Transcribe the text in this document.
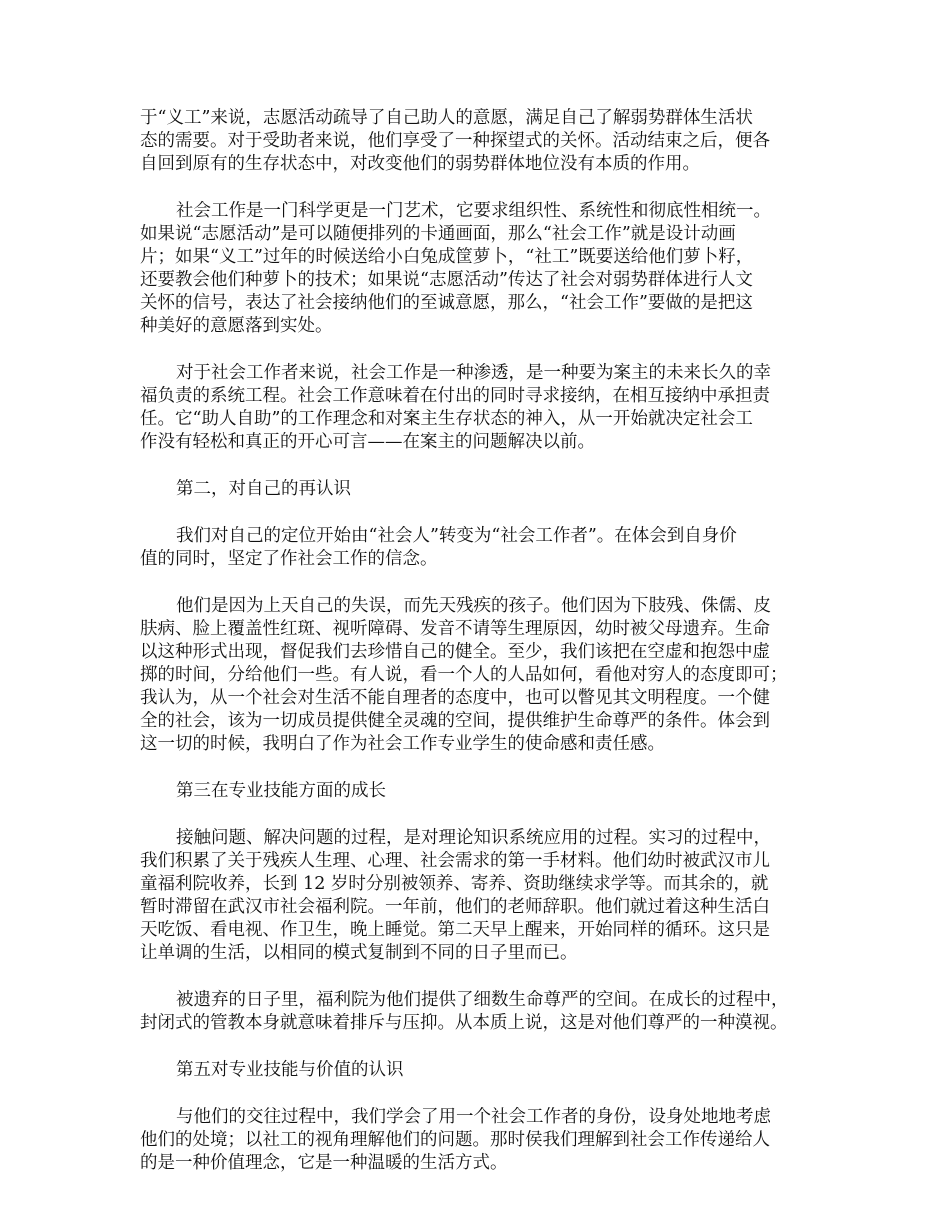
于“义工”来说，志愿活动疏导了自己助人的意愿，满足自己了解弱势群体生活状
态的需要。对于受助者来说，他们享受了一种探望式的关怀。活动结束之后，便各
自回到原有的生存状态中，对改变他们的弱势群体地位没有本质的作用。
社会工作是一门科学更是一门艺术，它要求组织性、系统性和彻底性相统一。
如果说“志愿活动”是可以随便排列的卡通画面，那么“社会工作”就是设计动画
片；如果“义工”过年的时候送给小白兔成筐萝卜，“社工”既要送给他们萝卜籽，
还要教会他们种萝卜的技术；如果说“志愿活动”传达了社会对弱势群体进行人文
关怀的信号，表达了社会接纳他们的至诚意愿，那么，“社会工作”要做的是把这
种美好的意愿落到实处。
对于社会工作者来说，社会工作是一种渗透，是一种要为案主的未来长久的幸
福负责的系统工程。社会工作意味着在付出的同时寻求接纳，在相互接纳中承担责
任。它“助人自助”的工作理念和对案主生存状态的神入，从一开始就决定社会工
作没有轻松和真正的开心可言——在案主的问题解决以前。
第二，对自己的再认识
我们对自己的定位开始由“社会人”转变为“社会工作者”。在体会到自身价
值的同时，坚定了作社会工作的信念。
他们是因为上天自己的失误，而先天残疾的孩子。他们因为下肢残、侏儒、皮
肤病、脸上覆盖性红斑、视听障碍、发音不请等生理原因，幼时被父母遗弃。生命
以这种形式出现，督促我们去珍惜自己的健全。至少，我们该把在空虚和抱怨中虚
掷的时间，分给他们一些。有人说，看一个人的人品如何，看他对穷人的态度即可；
我认为，从一个社会对生活不能自理者的态度中，也可以瞥见其文明程度。一个健
全的社会，该为一切成员提供健全灵魂的空间，提供维护生命尊严的条件。体会到
这一切的时候，我明白了作为社会工作专业学生的使命感和责任感。
第三在专业技能方面的成长
接触问题、解决问题的过程，是对理论知识系统应用的过程。实习的过程中，
我们积累了关于残疾人生理、心理、社会需求的第一手材料。他们幼时被武汉市儿
童福利院收养，长到 12 岁时分别被领养、寄养、资助继续求学等。而其余的，就
暂时滞留在武汉市社会福利院。一年前，他们的老师辞职。他们就过着这种生活白
天吃饭、看电视、作卫生，晚上睡觉。第二天早上醒来，开始同样的循环。这只是
让单调的生活，以相同的模式复制到不同的日子里而已。
被遗弃的日子里，福利院为他们提供了细数生命尊严的空间。在成长的过程中，
封闭式的管教本身就意味着排斥与压抑。从本质上说，这是对他们尊严的一种漠视。
第五对专业技能与价值的认识
与他们的交往过程中，我们学会了用一个社会工作者的身份，设身处地地考虑
他们的处境；以社工的视角理解他们的问题。那时侯我们理解到社会工作传递给人
的是一种价值理念，它是一种温暖的生活方式。
